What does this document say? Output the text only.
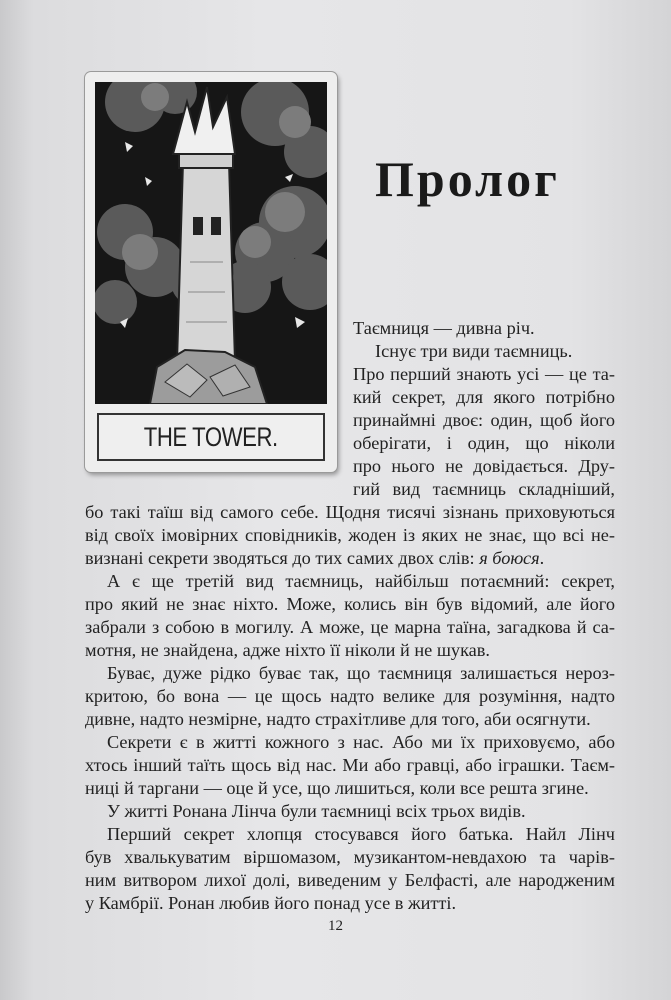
THE TOWER.
Пролог
Таємниця — дивна річ.
Існує три види таємниць.
Про перший знають усі — це та-
кий секрет, для якого потрібно
принаймні двоє: один, щоб його
оберігати, і один, що ніколи
про нього не довідається. Дру-
гий вид таємниць складніший,
бо такі таїш від самого себе. Щодня тисячі зізнань приховуються
від своїх імовірних сповідників, жоден із яких не знає, що всі не-
визнані секрети зводяться до тих самих двох слів: я боюся.
А є ще третій вид таємниць, найбільш потаємний: секрет,
про який не знає ніхто. Може, колись він був відомий, але його
забрали з собою в могилу. А може, це марна таїна, загадкова й са-
мотня, не знайдена, адже ніхто її ніколи й не шукав.
Буває, дуже рідко буває так, що таємниця залишається нероз-
критою, бо вона — це щось надто велике для розуміння, надто
дивне, надто незмірне, надто страхітливе для того, аби осягнути.
Секрети є в житті кожного з нас. Або ми їх приховуємо, або
хтось інший таїть щось від нас. Ми або гравці, або іграшки. Таєм-
ниці й таргани — оце й усе, що лишиться, коли все решта згине.
У житті Ронана Лінча були таємниці всіх трьох видів.
Перший секрет хлопця стосувався його батька. Найл Лінч
був хвалькуватим віршомазом, музикантом-невдахою та чарів-
ним витвором лихої долі, виведеним у Белфасті, але народженим
у Камбрії. Ронан любив його понад усе в житті.
12
